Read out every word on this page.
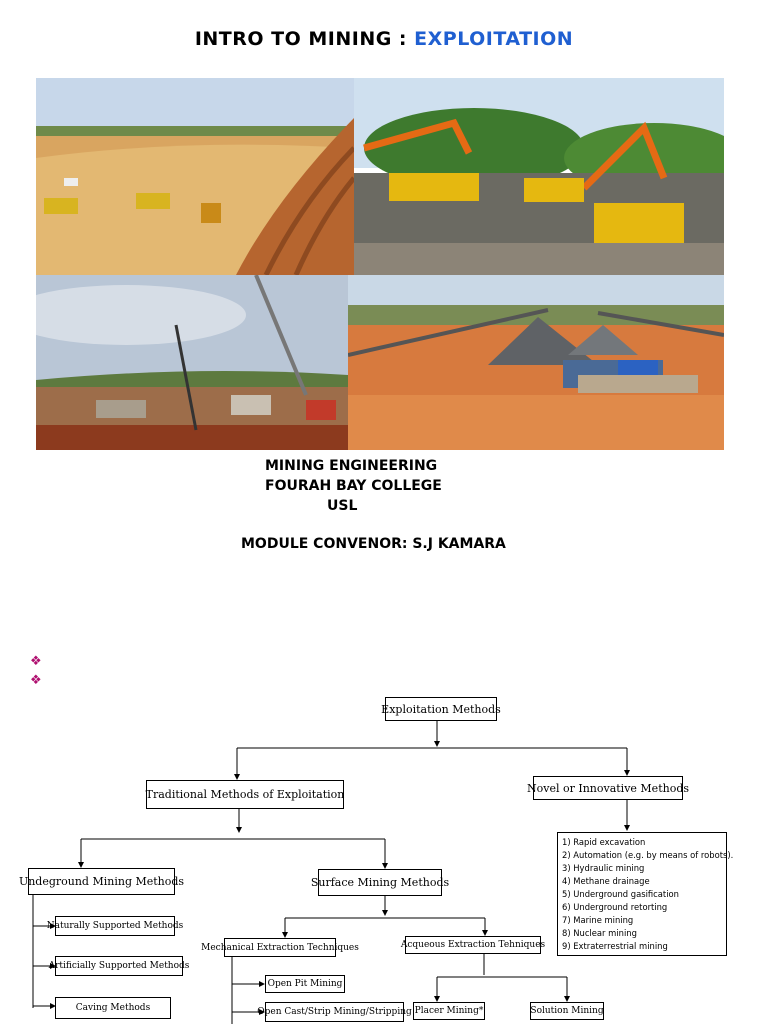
INTRO TO MINING : EXPLOITATION
MINING ENGINEERING
FOURAH BAY COLLEGE
USL
MODULE CONVENOR: S.J KAMARA
❖
❖
Exploitation Methods
Traditional Methods of Exploitation	Novel or Innovative Methods
Undeground Mining Methods	Surface Mining Methods
Naturally Supported Methods
Artificially Supported Methods
Caving Methods
Mechanical Extraction Techniques	Acqueous Extraction Tehniques
Open Pit Mining
Open Cast/Strip Mining/Stripping Placer Mining*	Solution Mining
1) Rapid excavation
2) Automation (e.g. by means of robots).
3) Hydraulic mining
4) Methane drainage
5) Underground gasification
6) Underground retorting
7) Marine mining
8) Nuclear mining
9) Extraterrestrial mining
